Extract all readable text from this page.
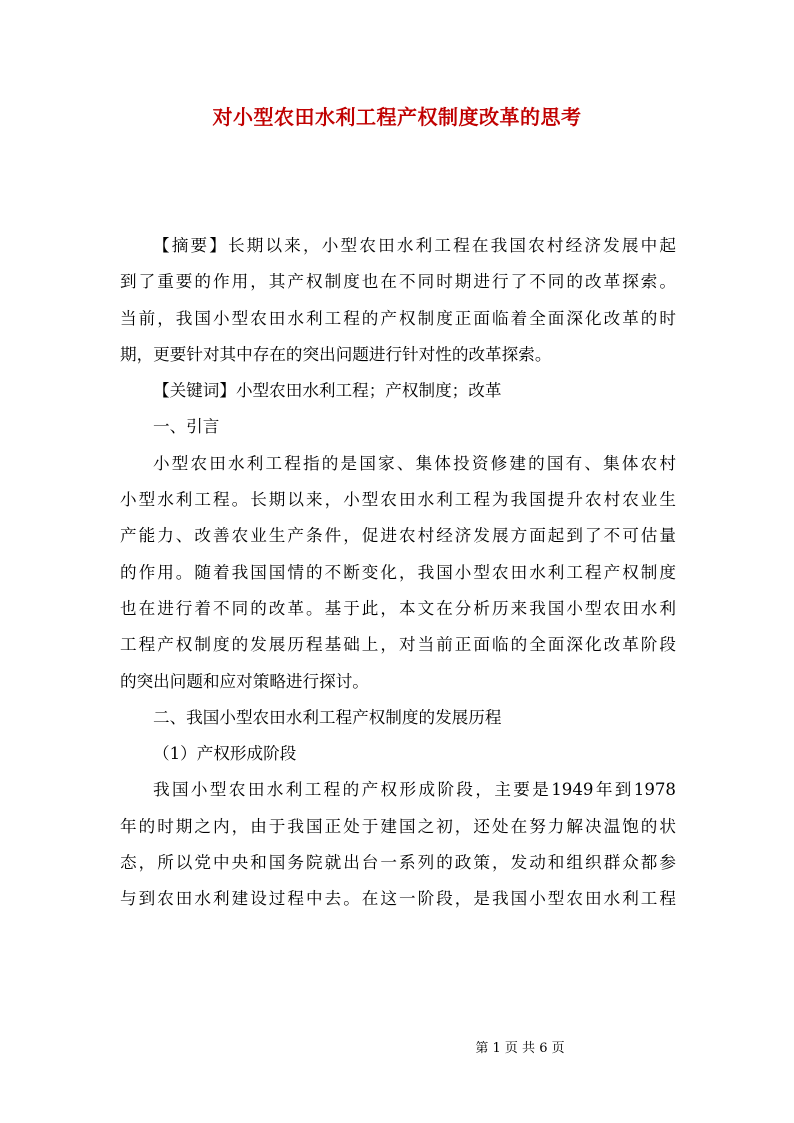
对小型农田水利工程产权制度改革的思考
【摘要】长期以来，小型农田水利工程在我国农村经济发展中起
到了重要的作用，其产权制度也在不同时期进行了不同的改革探索。
当前，我国小型农田水利工程的产权制度正面临着全面深化改革的时
期，更要针对其中存在的突出问题进行针对性的改革探索。
【关键词】小型农田水利工程；产权制度；改革
一、引言
小型农田水利工程指的是国家、集体投资修建的国有、集体农村
小型水利工程。长期以来，小型农田水利工程为我国提升农村农业生
产能力、改善农业生产条件，促进农村经济发展方面起到了不可估量
的作用。随着我国国情的不断变化，我国小型农田水利工程产权制度
也在进行着不同的改革。基于此，本文在分析历来我国小型农田水利
工程产权制度的发展历程基础上，对当前正面临的全面深化改革阶段
的突出问题和应对策略进行探讨。
二、我国小型农田水利工程产权制度的发展历程
（1）产权形成阶段
我国小型农田水利工程的产权形成阶段，主要是1949年到1978
年的时期之内，由于我国正处于建国之初，还处在努力解决温饱的状
态，所以党中央和国务院就出台一系列的政策，发动和组织群众都参
与到农田水利建设过程中去。在这一阶段，是我国小型农田水利工程
第 1 页 共 6 页
